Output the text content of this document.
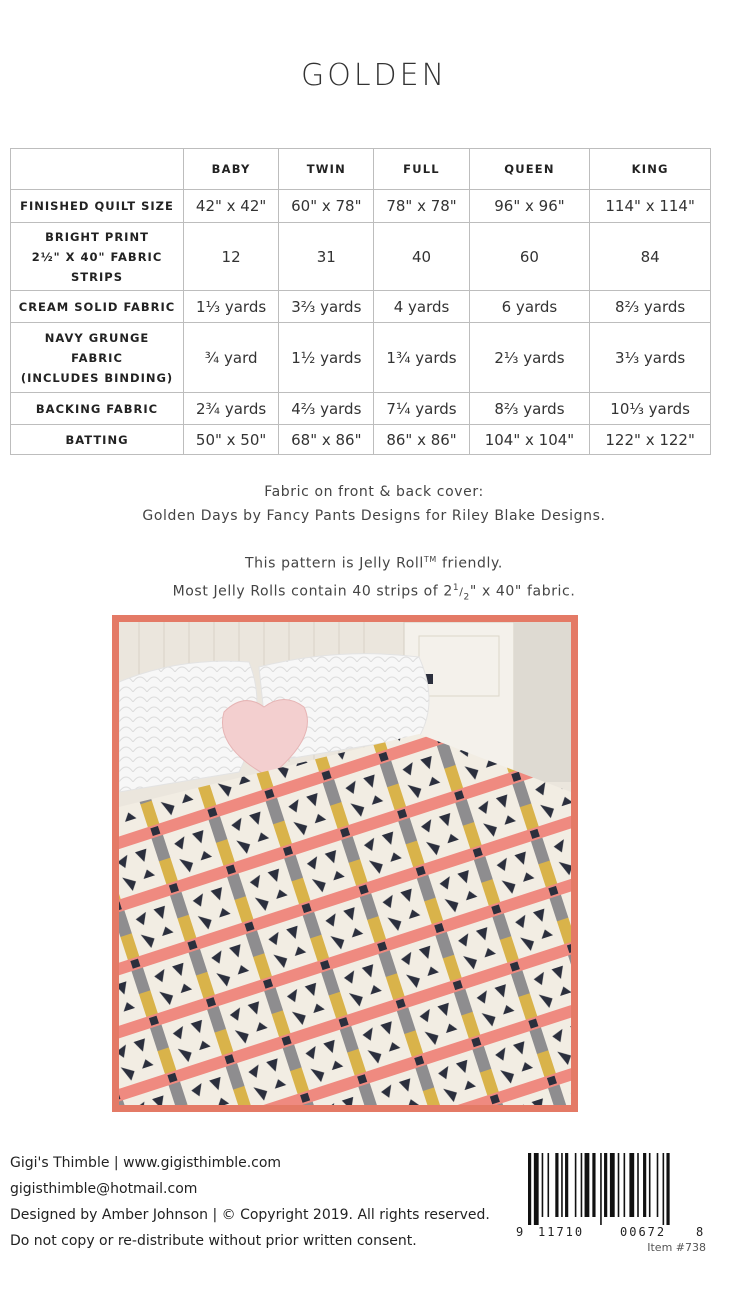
GOLDEN
	BABY	TWIN	FULL	QUEEN	KING

FINISHED QUILT SIZE	42" x 42"	60" x 78"	78" x 78"	96" x 96"	114" x 114"

BRIGHT PRINT
2½" X 40" FABRIC
STRIPS	12	31	40	60	84

CREAM SOLID FABRIC	1⅓ yards	3⅔ yards	4 yards	6 yards	8⅔ yards

NAVY GRUNGE
FABRIC
(INCLUDES BINDING)	¾ yard	1½ yards	1¾ yards	2⅓ yards	3⅓ yards

BACKING FABRIC	2¾ yards	4⅔ yards	7¼ yards	8⅔ yards	10⅓ yards

BATTING	50" x 50"	68" x 86"	86" x 86"	104" x 104"	122" x 122"
Fabric on front & back cover:
Golden Days by Fancy Pants Designs for Riley Blake Designs.
This pattern is Jelly Roll™ friendly.
Most Jelly Rolls contain 40 strips of $2^1/_2$" x 40" fabric.
Gigi's Thimble | www.gigisthimble.com
gigisthimble@hotmail.com
Designed by Amber Johnson | © Copyright 2019. All rights reserved.
Do not copy or re-distribute without prior written consent.
9 11710	00672 8
Item #738
